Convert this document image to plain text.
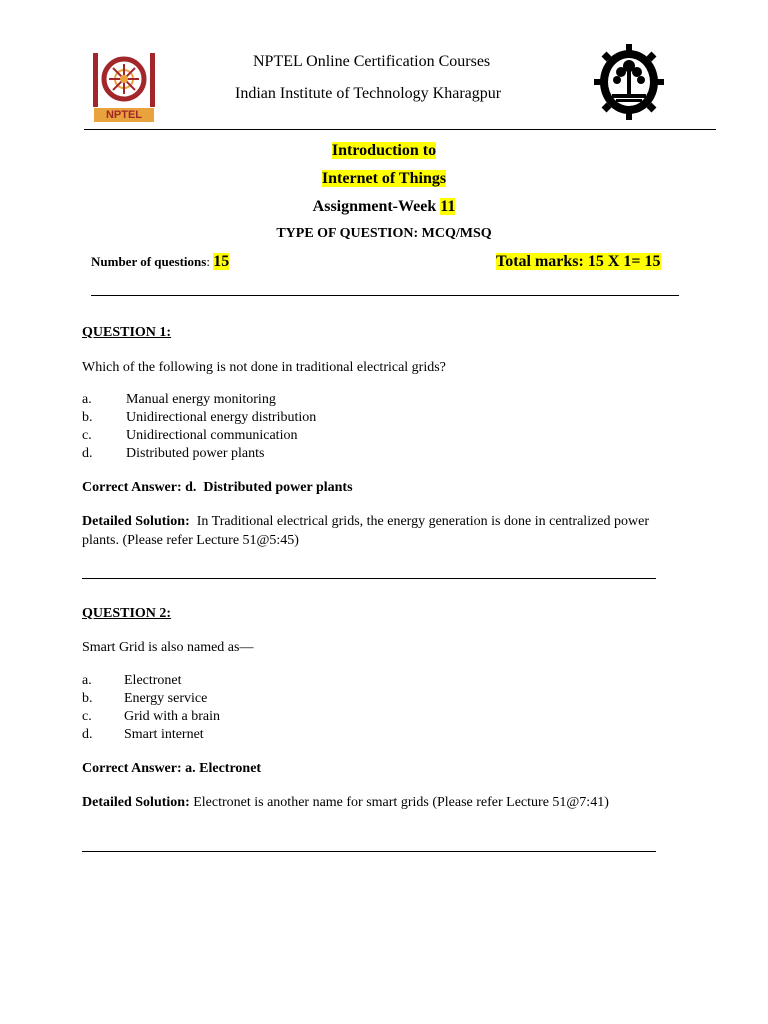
NPTEL
NPTEL Online Certification Courses
Indian Institute of Technology Kharagpur
Introduction to
Internet of Things
Assignment-Week 11
TYPE OF QUESTION: MCQ/MSQ
Number of questions: 15	Total marks: 15 X 1= 15
QUESTION 1:
Which of the following is not done in traditional electrical grids?
a. Manual energy monitoring
b. Unidirectional energy distribution
c. Unidirectional communication
d. Distributed power plants
Correct Answer: d.  Distributed power plants
Detailed Solution:  In Traditional electrical grids, the energy generation is done in centralized power plants. (Please refer Lecture 51@5:45)
QUESTION 2:
Smart Grid is also named as—
a. Electronet
b. Energy service
c. Grid with a brain
d. Smart internet
Correct Answer: a. Electronet
Detailed Solution: Electronet is another name for smart grids (Please refer Lecture 51@7:41)
